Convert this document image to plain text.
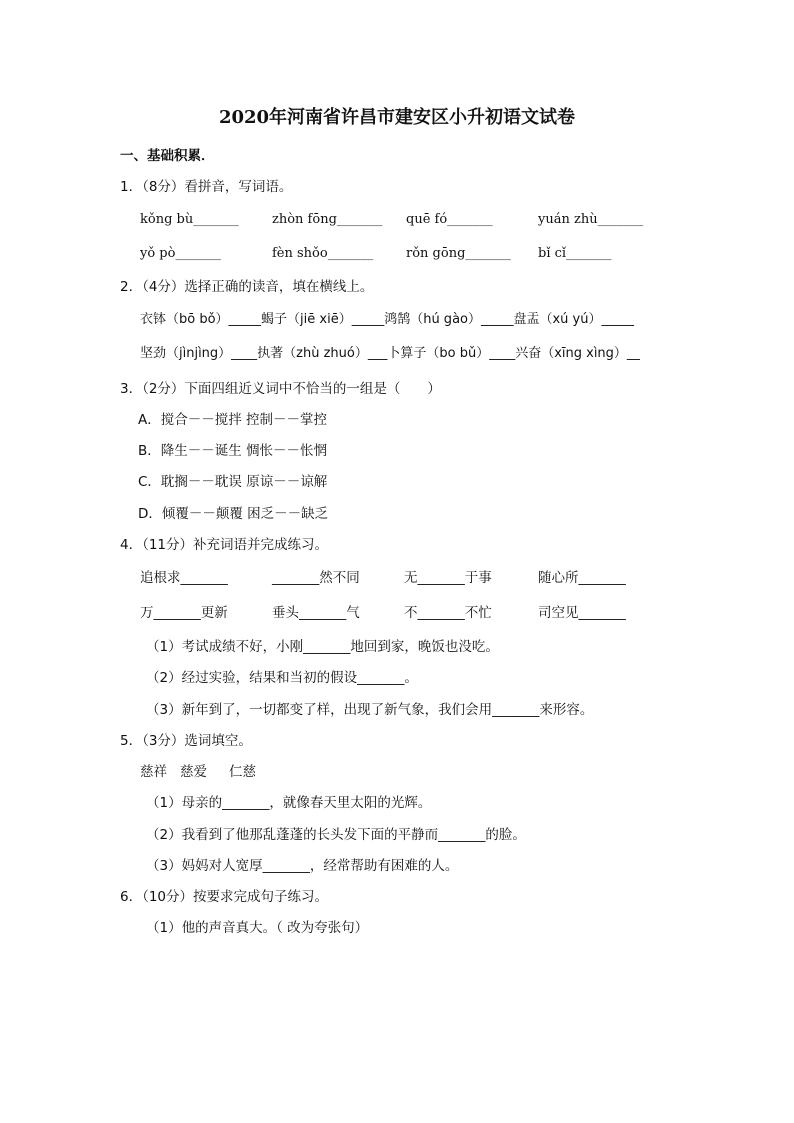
2020年河南省许昌市建安区小升初语文试卷
一、基础积累．
1．（8分）看拼音，写词语。
kǒng bù_______	zhòn fōng_______ quē fó_______	yuán zhù_______
yǒ pò_______	fèn shǒo_______	rǒn gōng_______ bǐ cǐ_______
2．（4分）选择正确的读音，填在横线上。
衣钵（bō bǒ）_____蝎子（jiē xiē）_____鸿鹄（hú gào）_____盘盂（xú yú）_____
坚劲（jìnjìng）____执著（zhù zhuó）___卜算子（bo bǔ）____兴奋（xīng xìng）__
3．（2分）下面四组近义词中不恰当的一组是（　　）
A．搅合－－搅拌 控制－－掌控
B．降生－－诞生 惆怅－－怅惘
C．耽搁－－耽误 原谅－－谅解
D．倾覆－－颠覆 困乏－－缺乏
4．（11分）补充词语并完成练习。
追根求_______	_______然不同	无_______于事	随心所_______
万_______更新	垂头_______气	不_______不忙	司空见_______
（1）考试成绩不好，小刚_______地回到家，晚饭也没吃。
（2）经过实验，结果和当初的假设_______。
（3）新年到了，一切都变了样，出现了新气象，我们会用_______来形容。
5．（3分）选词填空。
慈祥 慈爱 仁慈
（1）母亲的_______，就像春天里太阳的光辉。
（2）我看到了他那乱蓬蓬的长头发下面的平静而_______的脸。
（3）妈妈对人宽厚_______，经常帮助有困难的人。
6．（10分）按要求完成句子练习。
（1）他的声音真大。（ 改为夸张句）
